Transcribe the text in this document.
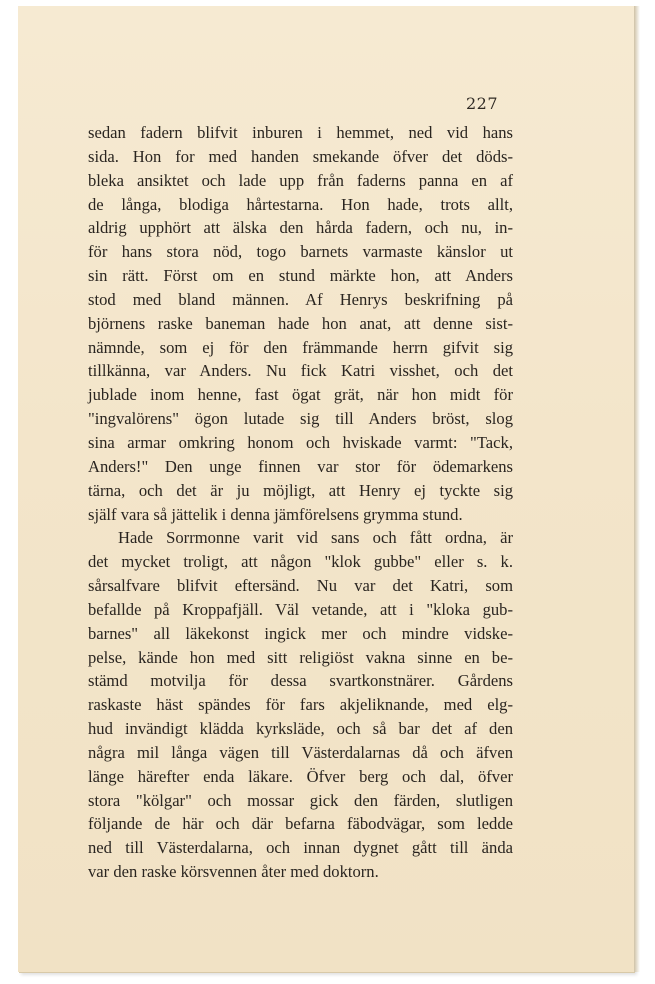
227
sedan fadern blifvit inburen i hemmet, ned vid hans
sida. Hon for med handen smekande öfver det döds-
bleka ansiktet och lade upp från faderns panna en af
de långa, blodiga hårtestarna. Hon hade, trots allt,
aldrig upphört att älska den hårda fadern, och nu, in-
för hans stora nöd, togo barnets varmaste känslor ut
sin rätt. Först om en stund märkte hon, att Anders
stod med bland männen. Af Henrys beskrifning på
björnens raske baneman hade hon anat, att denne sist-
nämnde, som ej för den främmande herrn gifvit sig
tillkänna, var Anders. Nu fick Katri visshet, och det
jublade inom henne, fast ögat grät, när hon midt för
"ingvalörens" ögon lutade sig till Anders bröst, slog
sina armar omkring honom och hviskade varmt: "Tack,
Anders!" Den unge finnen var stor för ödemarkens
tärna, och det är ju möjligt, att Henry ej tyckte sig
själf vara så jättelik i denna jämförelsens grymma stund.
Hade Sorrmonne varit vid sans och fått ordna, är
det mycket troligt, att någon "klok gubbe" eller s. k.
sårsalfvare blifvit eftersänd. Nu var det Katri, som
befallde på Kroppafjäll. Väl vetande, att i "kloka gub-
barnes" all läkekonst ingick mer och mindre vidske-
pelse, kände hon med sitt religiöst vakna sinne en be-
stämd motvilja för dessa svartkonstnärer. Gårdens
raskaste häst spändes för fars akjeliknande, med elg-
hud invändigt klädda kyrksläde, och så bar det af den
några mil långa vägen till Västerdalarnas då och äfven
länge härefter enda läkare. Öfver berg och dal, öfver
stora "kölgar" och mossar gick den färden, slutligen
följande de här och där befarna fäbodvägar, som ledde
ned till Västerdalarna, och innan dygnet gått till ända
var den raske körsvennen åter med doktorn.
